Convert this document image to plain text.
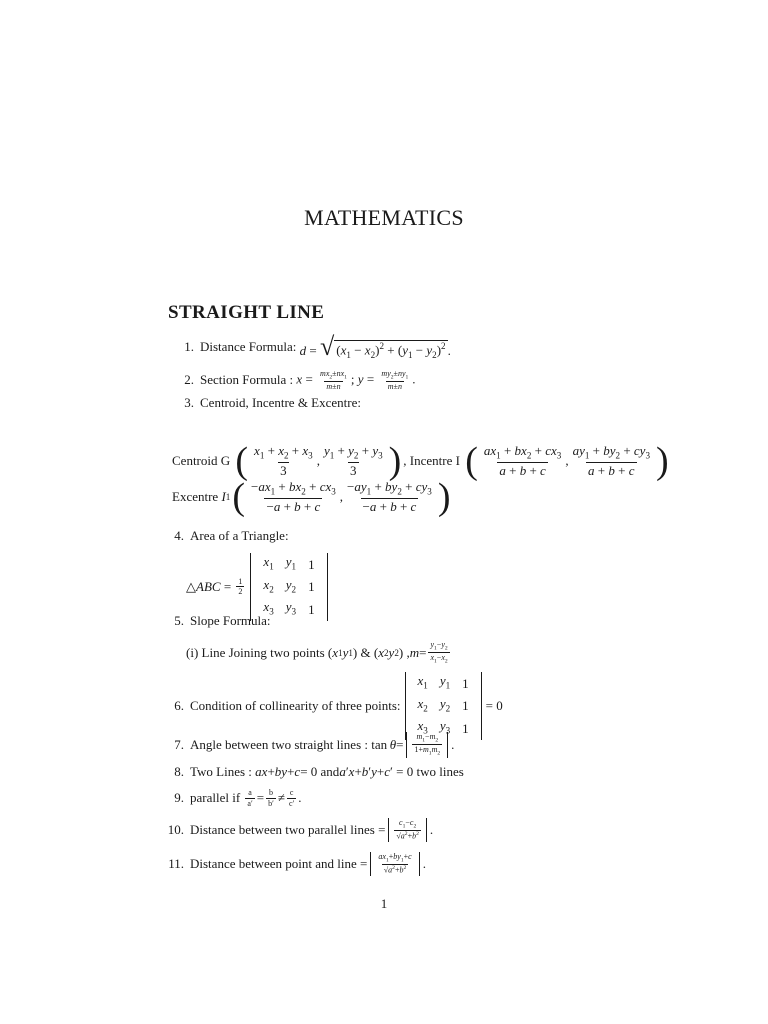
MATHEMATICS
STRAIGHT LINE
1. Distance Formula:
d = √ $(x_1 - x_2)^2 + (y_1 - y_2)^2$ .
2. Section Formula :
$x = \frac{mx_2\pm nx_1}{m\pm n}$ ; $y = \frac{my_2\pm ny_1}{m\pm n}$ .
3. Centroid, Incentre & Excentre:
Centroid G
( $\frac{x_1 + x_2 + x_3}{3}$ , $\frac{y_1 + y_2 + y_3}{3}$ ) , Incentre I
( $\frac{ax_1 + bx_2 + cx_3}{a + b + c}$ , $\frac{ay_1 + by_2 + cy_3}{a + b + c}$ )
Excentre
I 1 ( $\frac{-ax_1 + bx_2 + cx_3}{-a + b + c}$ , $\frac{-ay_1 + by_2 + cy_3}{-a + b + c}$ )
4. Area of a Triangle:
△ ABC = $\frac{1}{2}$
$x_1$	$y_1$	1
$x_2$	$y_2$	1
$x_3$	$y_3$	1
5. Slope Formula:
(i) Line Joining two points ( x 1 y 1 ) & ( x 2 y 2 ) , $m = \frac{y_1-y_2}{x_1-x_2}$
6. Condition of collinearity of three points:
$x_1$	$y_1$	1
$x_2$	$y_2$	1
$x_3$	$y_3$	1
= 0
7. Angle between two straight lines : $\tan \theta = \frac{m_1-m_2}{1+m_1m_2}$ .
8. Two Lines :
ax + by + c = 0 and a ′ x + b ′ y + c ′ = 0 two lines
9. parallel if
$\frac{a}{a'} = \frac{b}{b'} \ne \frac{c}{c'}$ .
10. Distance between two parallel lines = $\frac{c_1-c_2}{√a^2+b^2}$ .
11. Distance between point and line = $\frac{ax_1+by_1+c}{√a^2+b^2}$ .
1
